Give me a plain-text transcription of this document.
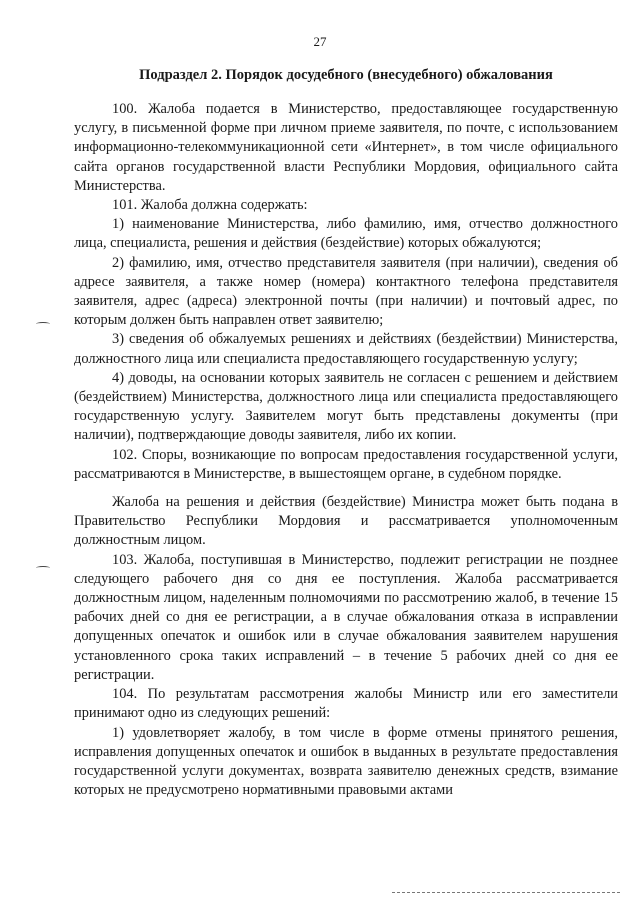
27
Подраздел 2. Порядок досудебного (внесудебного) обжалования

100. Жалоба подается в Министерство, предоставляющее государственную услугу, в письменной форме при личном приеме заявителя, по почте, с использованием информационно-телекоммуникационной сети «Интернет», в том числе официального сайта органов государственной власти Республики Мордовия, официального сайта Министерства.

101. Жалоба должна содержать:

1) наименование Министерства, либо фамилию, имя, отчество должностного лица, специалиста, решения и действия (бездействие) которых обжалуются;

2) фамилию, имя, отчество представителя заявителя (при наличии), сведения об адресе заявителя, а также номер (номера) контактного телефона представителя заявителя, адрес (адреса) электронной почты (при наличии) и почтовый адрес, по которым должен быть направлен ответ заявителю;

3) сведения об обжалуемых решениях и действиях (бездействии) Министерства, должностного лица или специалиста предоставляющего государственную услугу;

4) доводы, на основании которых заявитель не согласен с решением и действием (бездействием) Министерства, должностного лица или специалиста предоставляющего государственную услугу. Заявителем могут быть представлены документы (при наличии), подтверждающие доводы заявителя, либо их копии.

102. Споры, возникающие по вопросам предоставления государственной услуги, рассматриваются в Министерстве, в вышестоящем органе, в судебном порядке.

Жалоба на решения и действия (бездействие) Министра может быть подана в Правительство Республики Мордовия и рассматривается уполномоченным должностным лицом.

103. Жалоба, поступившая в Министерство, подлежит регистрации не позднее следующего рабочего дня со дня ее поступления. Жалоба рассматривается должностным лицом, наделенным полномочиями по рассмотрению жалоб, в течение 15 рабочих дней со дня ее регистрации, а в случае обжалования отказа в исправлении допущенных опечаток и ошибок или в случае обжалования заявителем нарушения установленного срока таких исправлений – в течение 5 рабочих дней со дня ее регистрации.

104. По результатам рассмотрения жалобы Министр или его заместители принимают одно из следующих решений:

1) удовлетворяет жалобу, в том числе в форме отмены принятого решения, исправления допущенных опечаток и ошибок в выданных в результате предоставления государственной услуги документах, возврата заявителю денежных средств, взимание которых не предусмотрено нормативными правовыми актами
